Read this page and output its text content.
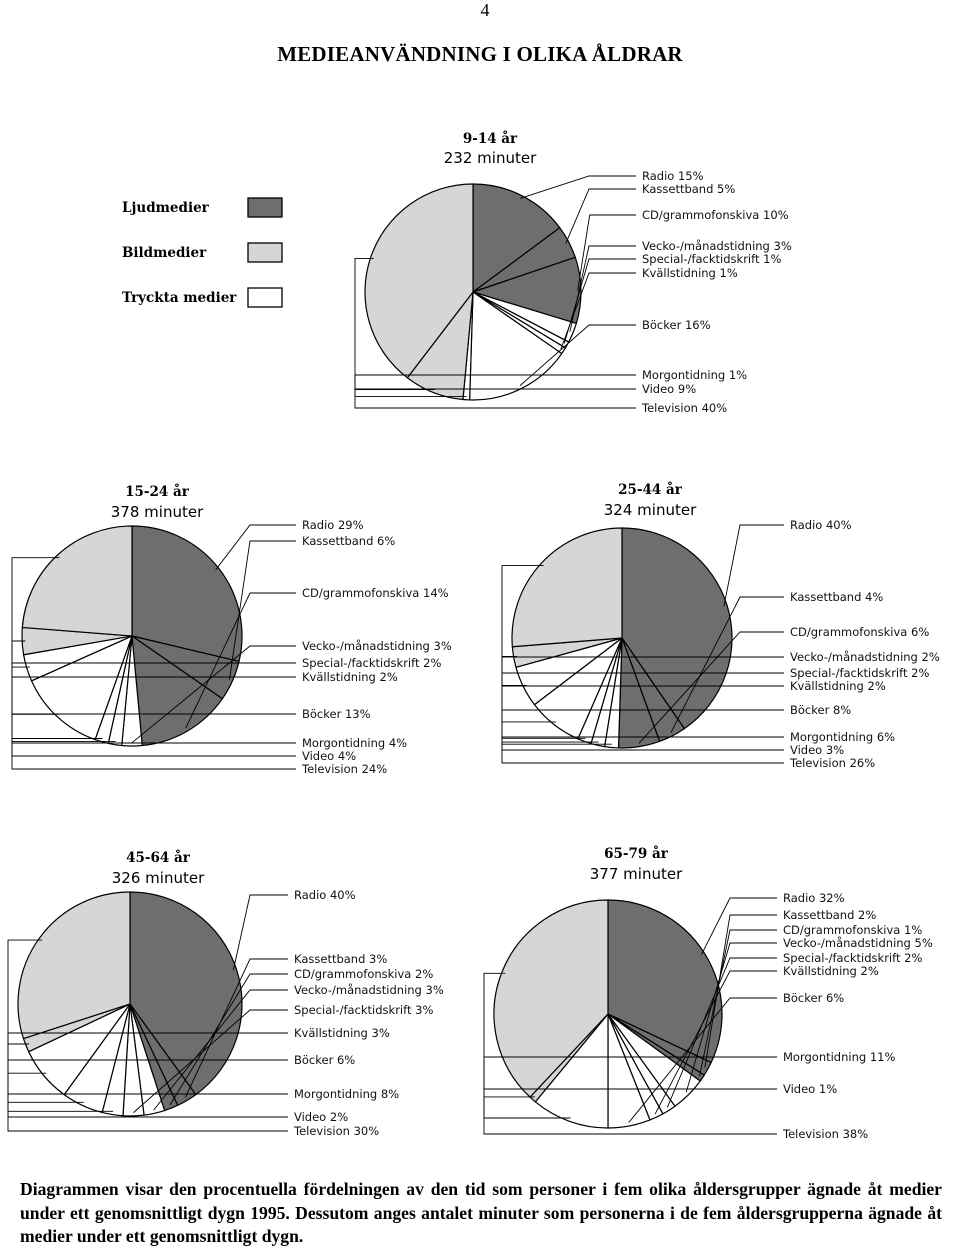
4
MEDIEANVÄNDNING I OLIKA ÅLDRAR
Ljudmedier
Bildmedier
Tryckta medier
9-14 år
232 minuter
Radio 15%
Kassettband 5%
CD/grammofonskiva 10%
Vecko-/månadstidning 3%
Special-/facktidskrift 1%
Kvällstidning 1%
Böcker 16%
Morgontidning 1%
Video 9%
Television 40%
15-24 år
378 minuter
Radio 29%
Kassettband 6%
CD/grammofonskiva 14%
Vecko-/månadstidning 3%
Special-/facktidskrift 2%
Kvällstidning 2%
Böcker 13%
Morgontidning 4%
Video 4%
Television 24%
25-44 år
324 minuter
Radio 40%
Kassettband 4%
CD/grammofonskiva 6%
Vecko-/månadstidning 2%
Special-/facktidskrift 2%
Kvällstidning 2%
Böcker 8%
Morgontidning 6%
Video 3%
Television 26%
45-64 år
326 minuter
Radio 40%
Kassettband 3%
CD/grammofonskiva 2%
Vecko-/månadstidning 3%
Special-/facktidskrift 3%
Kvällstidning 3%
Böcker 6%
Morgontidning 8%
Video 2%
Television 30%
65-79 år
377 minuter
Radio 32%
Kassettband 2%
CD/grammofonskiva 1%
Vecko-/månadstidning 5%
Special-/facktidskrift 2%
Kvällstidning 2%
Böcker 6%
Morgontidning 11%
Video 1%
Television 38%
Diagrammen visar den procentuella fördelningen av den tid som personer i fem olika åldersgrupper ägnade åt medier under ett genomsnittligt dygn 1995. Dessutom anges antalet minuter som personerna i de fem åldersgrupperna ägnade åt medier under ett genomsnittligt dygn.
